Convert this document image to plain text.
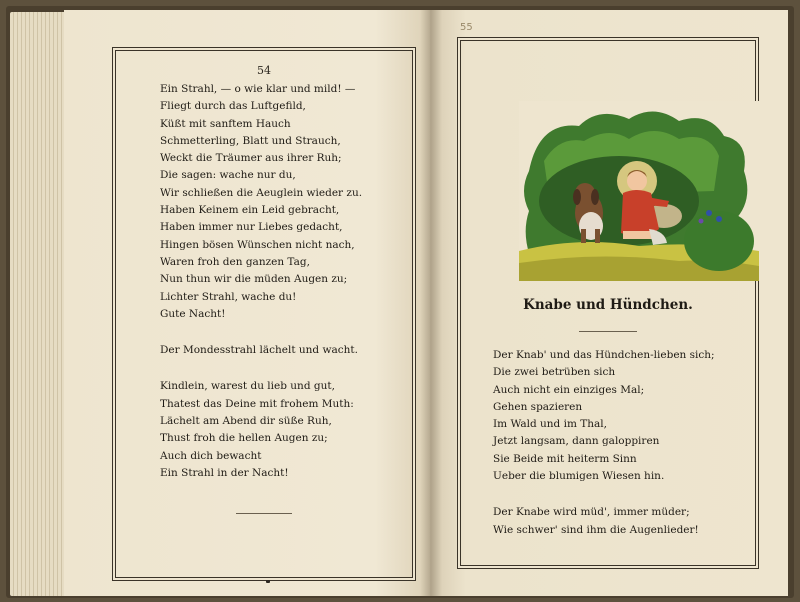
54
Ein Strahl, — o wie klar und mild! —
Fliegt durch das Luftgefild,
Küßt mit sanftem Hauch
Schmetterling, Blatt und Strauch,
Weckt die Träumer aus ihrer Ruh;
Die sagen: wache nur du,
Wir schließen die Aeuglein wieder zu.
Haben Keinem ein Leid gebracht,
Haben immer nur Liebes gedacht,
Hingen bösen Wünschen nicht nach,
Waren froh den ganzen Tag,
Nun thun wir die müden Augen zu;
Lichter Strahl, wache du!
Gute Nacht!
Der Mondesstrahl lächelt und wacht.
Kindlein, warest du lieb und gut,
Thatest das Deine mit frohem Muth:
Lächelt am Abend dir süße Ruh,
Thust froh die hellen Augen zu;
Auch dich bewacht
Ein Strahl in der Nacht!
55
Knabe und Hündchen.
Der Knab' und das Hündchen-lieben sich;
Die zwei betrüben sich
Auch nicht ein einziges Mal;
Gehen spazieren
Im Wald und im Thal,
Jetzt langsam, dann galoppiren
Sie Beide mit heiterm Sinn
Ueber die blumigen Wiesen hin.
Der Knabe wird müd', immer müder;
Wie schwer' sind ihm die Augenlieder!
